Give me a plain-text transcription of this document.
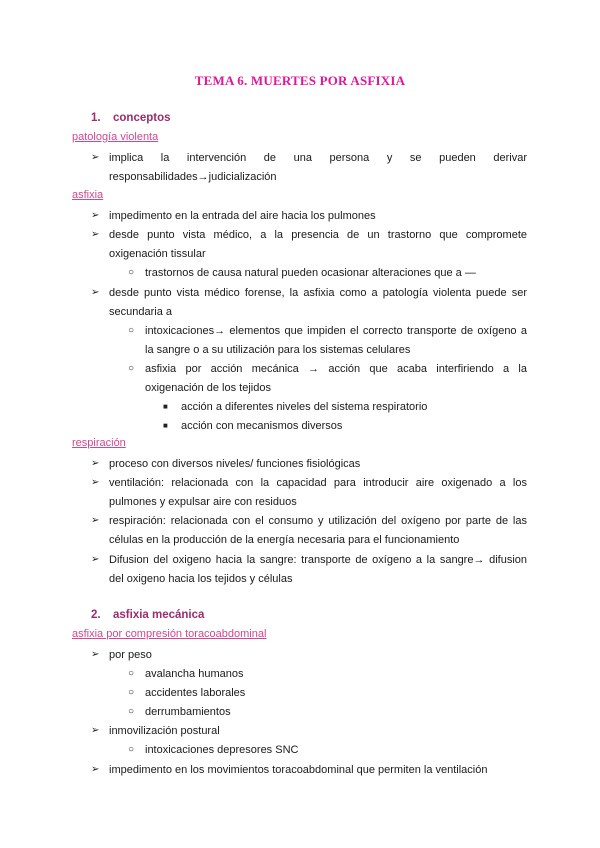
TEMA 6. MUERTES POR ASFIXIA
1. conceptos
patología violenta
➢ implica la intervención de una persona y se pueden derivar
responsabilidades→judicialización
asfixia
➢ impedimento en la entrada del aire hacia los pulmones
➢ desde punto vista médico, a la presencia de un trastorno que compromete
oxigenación tissular
○ trastornos de causa natural pueden ocasionar alteraciones que a —
➢ desde punto vista médico forense, la asfixia como a patología violenta puede ser
secundaria a
○ intoxicaciones→ elementos que impiden el correcto transporte de oxígeno a
la sangre o a su utilización para los sistemas celulares
○ asfixia por acción mecánica → acción que acaba interfiriendo a la
oxigenación de los tejidos
■ acción a diferentes niveles del sistema respiratorio
■ acción con mecanismos diversos
respiración
➢ proceso con diversos niveles/ funciones fisiológicas
➢ ventilación: relacionada con la capacidad para introducir aire oxigenado a los
pulmones y expulsar aire con residuos
➢ respiración: relacionada con el consumo y utilización del oxígeno por parte de las
células en la producción de la energía necesaria para el funcionamiento
➢ Difusion del oxigeno hacia la sangre: transporte de oxígeno a la sangre→ difusion
del oxigeno hacia los tejidos y células
2. asfixia mecánica
asfixia por compresión toracoabdominal
➢ por peso
○ avalancha humanos
○ accidentes laborales
○ derrumbamientos
➢ inmovilización postural
○ intoxicaciones depresores SNC
➢ impedimento en los movimientos toracoabdominal que permiten la ventilación
